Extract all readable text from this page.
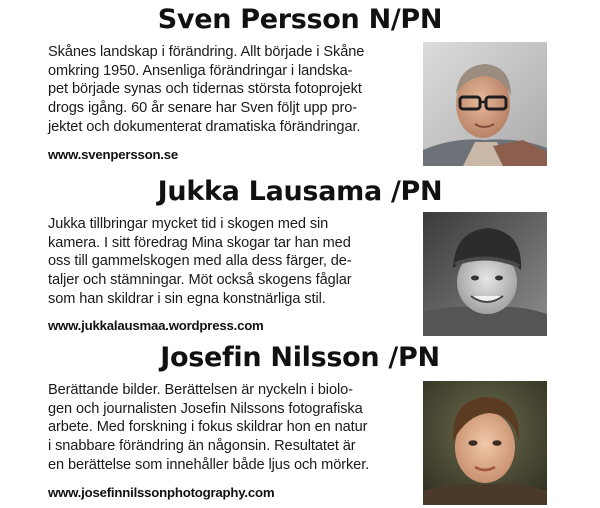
Sven Persson N/PN
Skånes landskap i förändring. Allt började i Skåne
omkring 1950. Ansenliga förändringar i landska-
pet började synas och tidernas största fotoprojekt
drogs igång. 60 år senare har Sven följt upp pro-
jektet och dokumenterat dramatiska förändringar.
www.svenpersson.se
Jukka Lausama /PN
Jukka tillbringar mycket tid i skogen med sin
kamera. I sitt föredrag Mina skogar tar han med
oss till gammelskogen med alla dess färger, de-
taljer och stämningar. Möt också skogens fåglar
som han skildrar i sin egna konstnärliga stil.
www.jukkalausmaa.wordpress.com
Josefin Nilsson /PN
Berättande bilder. Berättelsen är nyckeln i biolo-
gen och journalisten Josefin Nilssons fotografiska
arbete. Med forskning i fokus skildrar hon en natur
i snabbare förändring än någonsin. Resultatet är
en berättelse som innehåller både ljus och mörker.
www.josefinnilssonphotography.com
